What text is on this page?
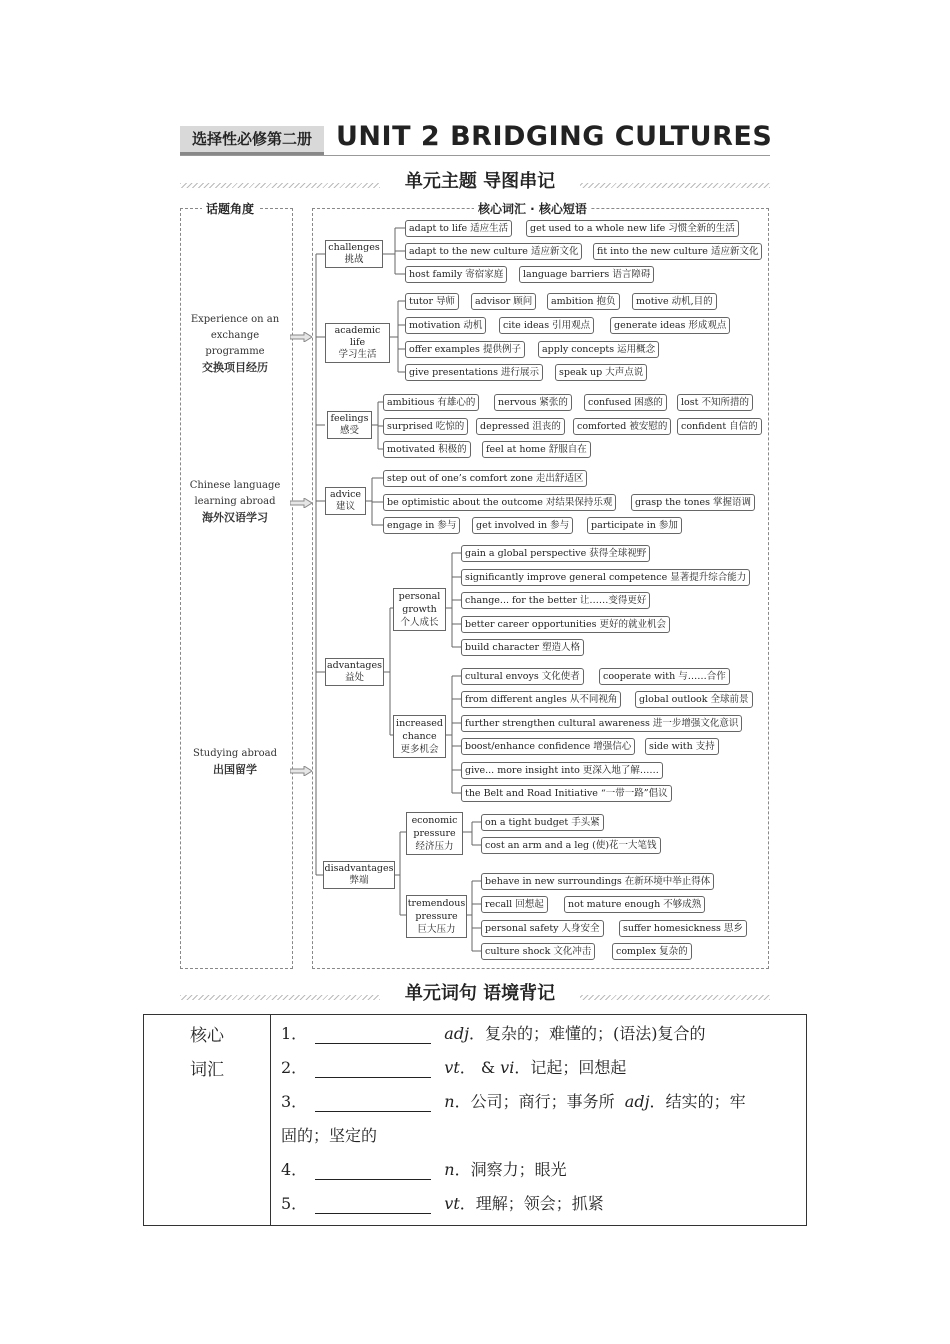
选择性必修第二册 UNIT 2 BRIDGING CULTURES
单元主题 导图串记
话题角度
Experience on an exchange programme
交换项目经历
Chinese language learning abroad
海外汉语学习
Studying abroad
出国留学
核心词汇 · 核心短语
challenges
挑战
adapt to life 适应生活	get used to a whole new life 习惯全新的生活
adapt to the new culture 适应新文化	fit into the new culture 适应新文化
host family 寄宿家庭	language barriers 语言障碍
academic life
学习生活
tutor 导师	advisor 顾问	ambition 抱负	motive 动机,目的
motivation 动机	cite ideas 引用观点	generate ideas 形成观点
offer examples 提供例子	apply concepts 运用概念
give presentations 进行展示	speak up 大声点说
feelings
感受
ambitious 有雄心的	nervous 紧张的	confused 困惑的	lost 不知所措的
surprised 吃惊的	depressed 沮丧的	comforted 被安慰的	confident 自信的
motivated 积极的	feel at home 舒服自在
advice
建议
step out of one’s comfort zone 走出舒适区
be optimistic about the outcome 对结果保持乐观	grasp the tones 掌握语调
engage in 参与	get involved in 参与	participate in 参加
advantages
益处
personal growth
个人成长
gain a global perspective 获得全球视野
significantly improve general competence 显著提升综合能力
change... for the better 让……变得更好
better career opportunities 更好的就业机会
build character 塑造人格
increased chance
更多机会
cultural envoys 文化使者	cooperate with 与……合作
from different angles 从不同视角	global outlook 全球前景
further strengthen cultural awareness 进一步增强文化意识
boost/enhance confidence 增强信心	side with 支持
give... more insight into 更深入地了解……
the Belt and Road Initiative “一带一路”倡议
disadvantages
弊端
economic pressure
经济压力
on a tight budget 手头紧
cost an arm and a leg (使)花一大笔钱
tremendous pressure
巨大压力
behave in new surroundings 在新环境中举止得体
recall 回想起	not mature enough 不够成熟
personal safety 人身安全	suffer homesickness 思乡
culture shock 文化冲击	complex 复杂的
单元词句 语境背记
核心
词汇

1．	adj．复杂的；难懂的；(语法)复合的
2．	vt． & vi．记起；回想起
3．	n．公司；商行；事务所 adj．结实的；牢
固的；坚定的
4．	n．洞察力；眼光
5．	vt．理解；领会；抓紧
